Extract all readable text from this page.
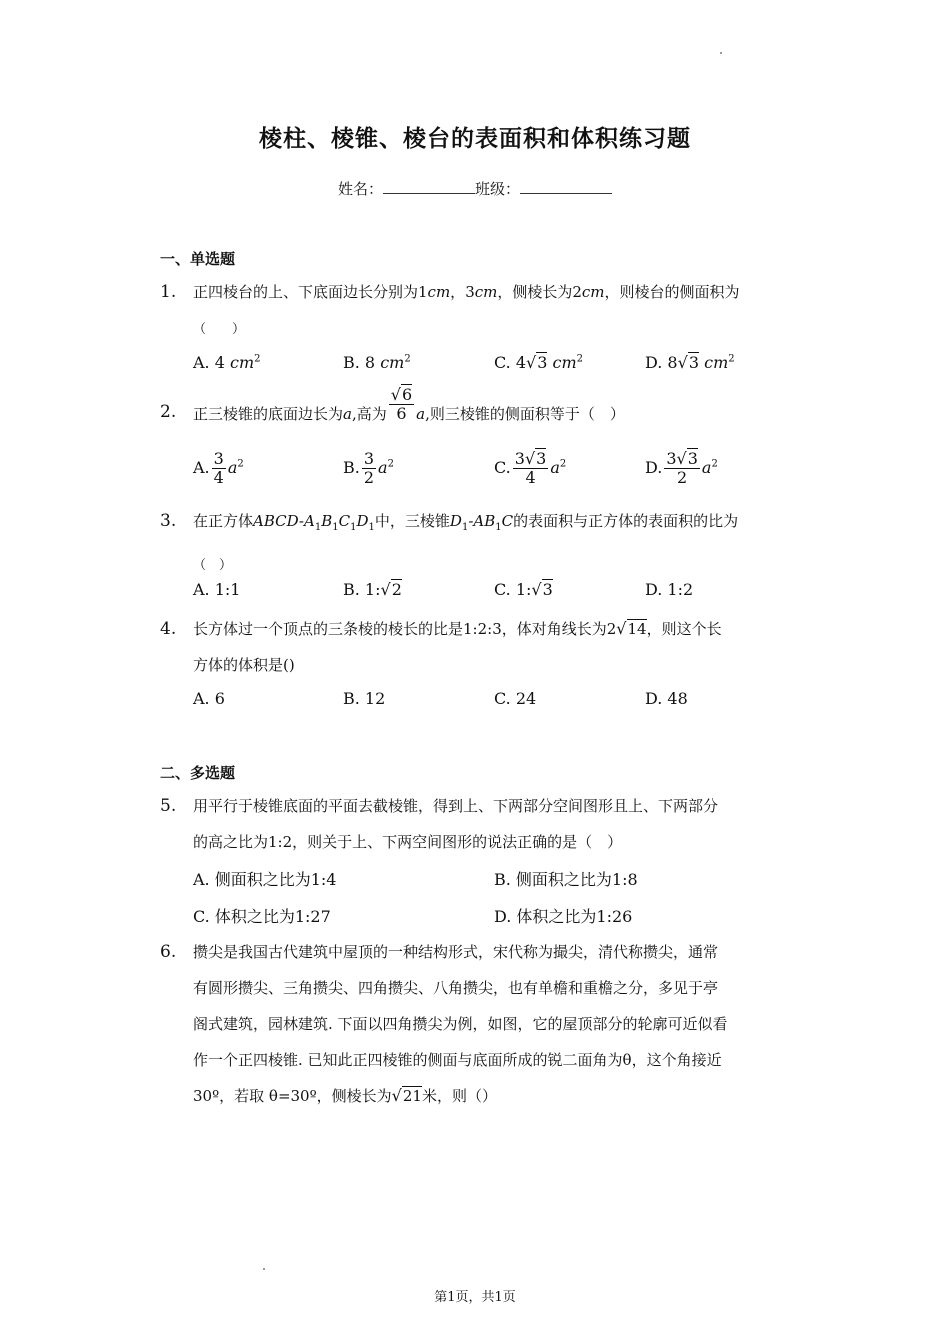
棱柱、棱锥、棱台的表面积和体积练习题
姓名：	班级：
一、单选题
1. 正四棱台的上、下底面边长分别为1cm，3cm，侧棱长为2cm，则棱台的侧面积为
（　　）
A. 4 $cm^2$	B. 8 $cm^2$	C. 4√3 $cm^2$	D. 8√3 $cm^2$
2. 正三棱锥的底面边长为a,高为 $\frac{√6}{6} a$,则三棱锥的侧面积等于（　）
A. $\frac{3}{4} a^2$	B. $\frac{3}{2} a^2$	C. $\frac{3√3}{4} a^2$	D. $\frac{3√3}{2} a^2$
3. 在正方体ABCD-$A_1B_1C_1D_1$中，三棱锥$D_1-AB_1C$的表面积与正方体的表面积的比为
（　）
A. 1:1	B. 1:√2	C. 1:√3	D. 1:2
4. 长方体过一个顶点的三条棱的棱长的比是1:2:3，体对角线长为2√14，则这个长
方体的体积是()
A. 6	B. 12	C. 24	D. 48
二、多选题
5. 用平行于棱锥底面的平面去截棱锥，得到上、下两部分空间图形且上、下两部分
的高之比为1:2，则关于上、下两空间图形的说法正确的是（　）
A. 侧面积之比为1:4	B. 侧面积之比为1:8
C. 体积之比为1:27	D. 体积之比为1:26
6. 攒尖是我国古代建筑中屋顶的一种结构形式，宋代称为撮尖，清代称攒尖，通常
有圆形攒尖、三角攒尖、四角攒尖、八角攒尖，也有单檐和重檐之分，多见于亭
阁式建筑，园林建筑. 下面以四角攒尖为例，如图，它的屋顶部分的轮廓可近似看
作一个正四棱锥. 已知此正四棱锥的侧面与底面所成的锐二面角为θ，这个角接近
30º，若取 θ=30º，侧棱长为√21米，则（）
第1页，共1页
